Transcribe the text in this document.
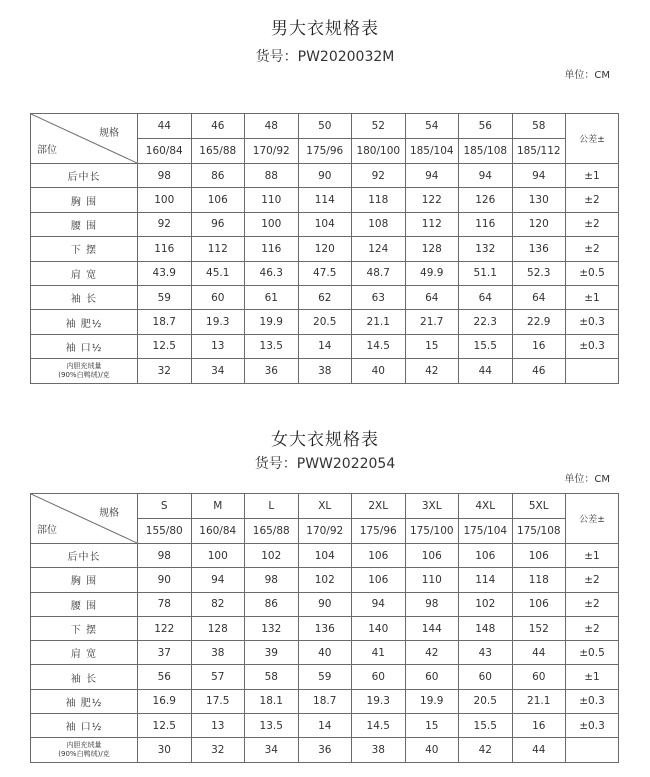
男大衣规格表
货号：PW2020032M
单位：CM
规格
部位	44	46	48	50	52	54	56	58	公差±
	160/84	165/88	170/92	175/96	180/100	185/104	185/108	185/112	
后中长	98	86	88	90	92	94	94	94	±1
胸 围	100	106	110	114	118	122	126	130	±2
腰 围	92	96	100	104	108	112	116	120	±2
下 摆	116	112	116	120	124	128	132	136	±2
肩 宽	43.9	45.1	46.3	47.5	48.7	49.9	51.1	52.3	±0.5
袖 长	59	60	61	62	63	64	64	64	±1
袖 肥½	18.7	19.3	19.9	20.5	21.1	21.7	22.3	22.9	±0.3
袖 口½	12.5	13	13.5	14	14.5	15	15.5	16	±0.3
内胆充绒量
(90%白鸭绒)/克	32	34	36	38	40	42	44	46	
女大衣规格表
货号：PWW2022054
单位：CM
规格
部位	S	M	L	XL	2XL	3XL	4XL	5XL	公差±
	155/80	160/84	165/88	170/92	175/96	175/100	175/104	175/108	
后中长	98	100	102	104	106	106	106	106	±1
胸 围	90	94	98	102	106	110	114	118	±2
腰 围	78	82	86	90	94	98	102	106	±2
下 摆	122	128	132	136	140	144	148	152	±2
肩 宽	37	38	39	40	41	42	43	44	±0.5
袖 长	56	57	58	59	60	60	60	60	±1
袖 肥½	16.9	17.5	18.1	18.7	19.3	19.9	20.5	21.1	±0.3
袖 口½	12.5	13	13.5	14	14.5	15	15.5	16	±0.3
内胆充绒量
(90%白鸭绒)/克	30	32	34	36	38	40	42	44	
